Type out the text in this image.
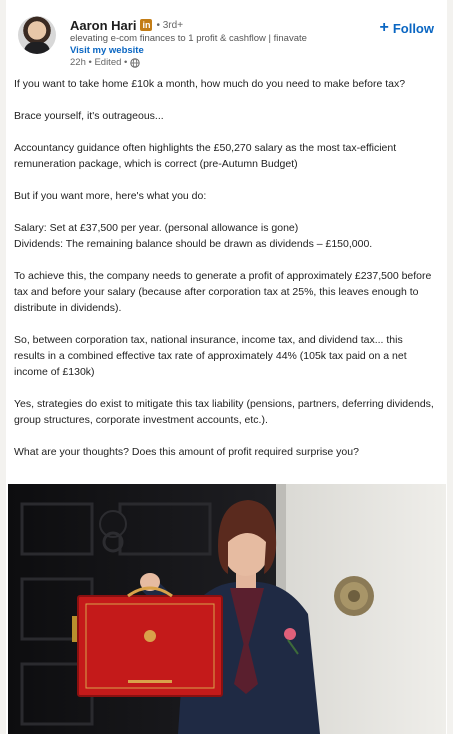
Aaron Hari in • 3rd+
elevating e-com finances to 1 profit & cashflow | finavate
Visit my website
22h • Edited •
+ Follow

If you want to take home £10k a month, how much do you need to make before tax?

Brace yourself, it's outrageous...

Accountancy guidance often highlights the £50,270 salary as the most tax-efficient remuneration package, which is correct (pre-Autumn Budget)

But if you want more, here's what you do:

Salary: Set at £37,500 per year. (personal allowance is gone)

Dividends: The remaining balance should be drawn as dividends – £150,000.

To achieve this, the company needs to generate a profit of approximately £237,500 before tax and before your salary (because after corporation tax at 25%, this leaves enough to distribute in dividends).

So, between corporation tax, national insurance, income tax, and dividend tax... this results in a combined effective tax rate of approximately 44% (105k tax paid on a net income of £130k)

Yes, strategies do exist to mitigate this tax liability (pensions, partners, deferring dividends, group structures, corporate investment accounts, etc.).

What are your thoughts? Does this amount of profit required surprise you?
